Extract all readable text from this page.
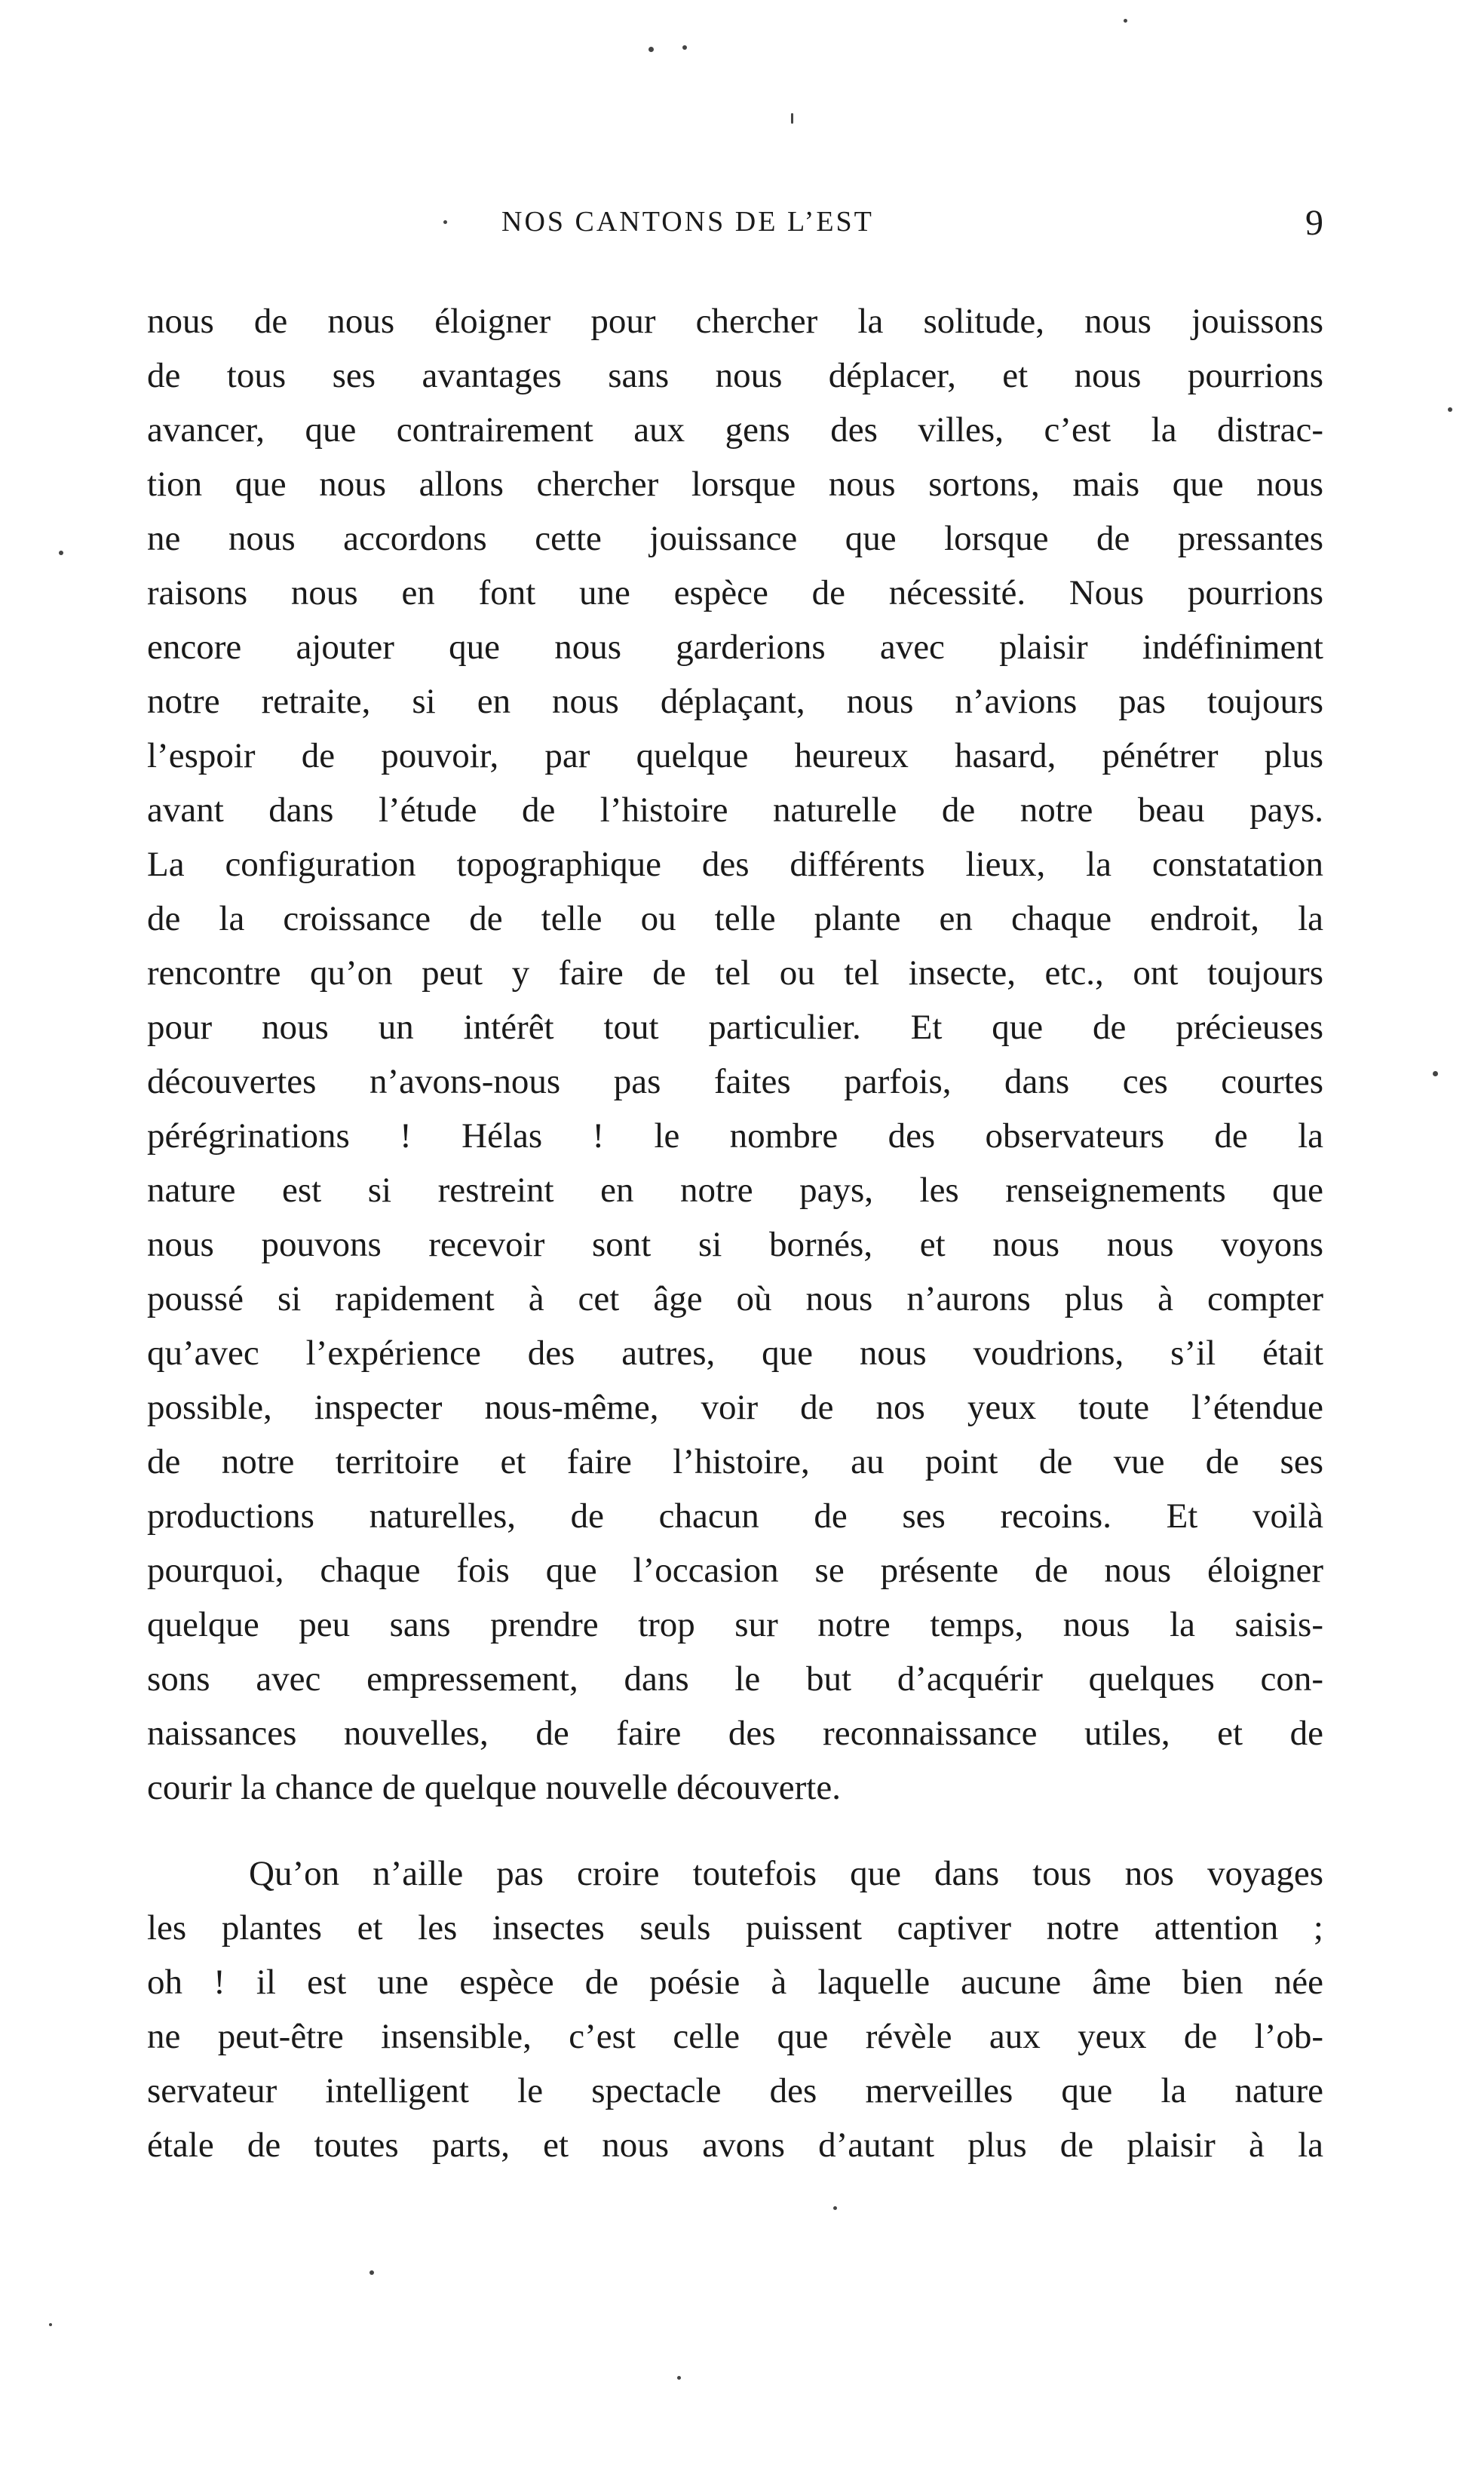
NOS CANTONS DE L’EST	9
nous de nous éloigner pour chercher la solitude, nous jouissons
de tous ses avantages sans nous déplacer, et nous pourrions
avancer, que contrairement aux gens des villes, c’est la distrac-
tion que nous allons chercher lorsque nous sortons, mais que nous
ne nous accordons cette jouissance que lorsque de pressantes
raisons nous en font une espèce de nécessité. Nous pourrions
encore ajouter que nous garderions avec plaisir indéfiniment
notre retraite, si en nous déplaçant, nous n’avions pas toujours
l’espoir de pouvoir, par quelque heureux hasard, pénétrer plus
avant dans l’étude de l’histoire naturelle de notre beau pays.
La configuration topographique des différents lieux, la constatation
de la croissance de telle ou telle plante en chaque endroit, la
rencontre qu’on peut y faire de tel ou tel insecte, etc., ont toujours
pour nous un intérêt tout particulier. Et que de précieuses
découvertes n’avons-nous pas faites parfois, dans ces courtes
pérégrinations ! Hélas ! le nombre des observateurs de la
nature est si restreint en notre pays, les renseignements que
nous pouvons recevoir sont si bornés, et nous nous voyons
poussé si rapidement à cet âge où nous n’aurons plus à compter
qu’avec l’expérience des autres, que nous voudrions, s’il était
possible, inspecter nous-même, voir de nos yeux toute l’étendue
de notre territoire et faire l’histoire, au point de vue de ses
productions naturelles, de chacun de ses recoins. Et voilà
pourquoi, chaque fois que l’occasion se présente de nous éloigner
quelque peu sans prendre trop sur notre temps, nous la saisis-
sons avec empressement, dans le but d’acquérir quelques con-
naissances nouvelles, de faire des reconnaissance utiles, et de
courir la chance de quelque nouvelle découverte.
Qu’on n’aille pas croire toutefois que dans tous nos voyages
les plantes et les insectes seuls puissent captiver notre attention ;
oh ! il est une espèce de poésie à laquelle aucune âme bien née
ne peut-être insensible, c’est celle que révèle aux yeux de l’ob-
servateur intelligent le spectacle des merveilles que la nature
étale de toutes parts, et nous avons d’autant plus de plaisir à la
